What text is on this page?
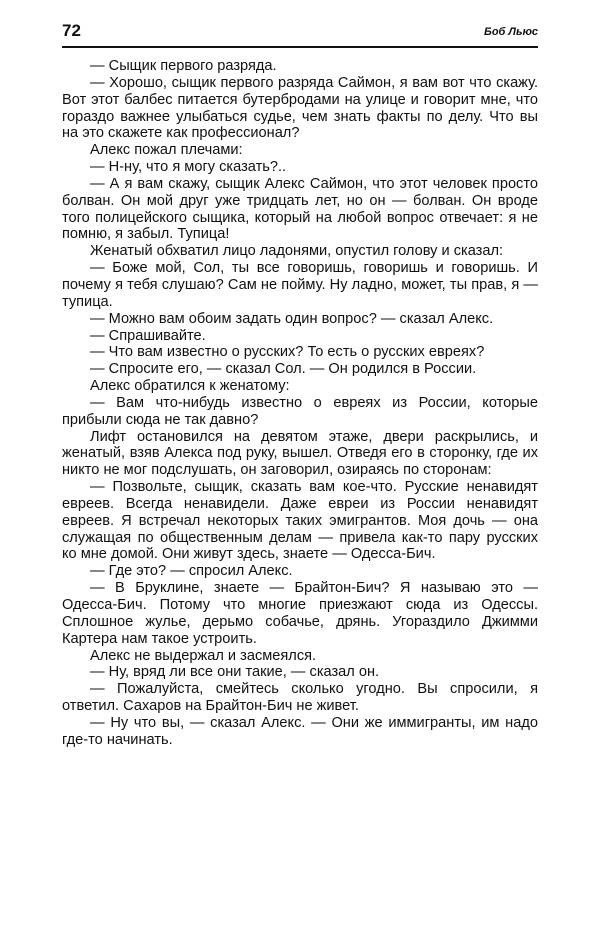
72	Боб Льюс

— Сыщик первого разряда.

— Хорошо, сыщик первого разряда Саймон, я вам вот что скажу. Вот этот балбес питается бутербродами на улице и говорит мне, что гораздо важнее улыбаться судье, чем знать факты по делу. Что вы на это скажете как профессионал?

Алекс пожал плечами:

— Н-ну, что я могу сказать?..

— А я вам скажу, сыщик Алекс Саймон, что этот человек просто болван. Он мой друг уже тридцать лет, но он — болван. Он вроде того полицейского сыщика, который на любой вопрос отвечает: я не помню, я забыл. Тупица!

Женатый обхватил лицо ладонями, опустил голову и сказал:

— Боже мой, Сол, ты все говоришь, говоришь и говоришь. И почему я тебя слушаю? Сам не пойму. Ну ладно, может, ты прав, я — тупица.

— Можно вам обоим задать один вопрос? — сказал Алекс.

— Спрашивайте.

— Что вам известно о русских? То есть о русских евреях?

— Спросите его, — сказал Сол. — Он родился в России.

Алекс обратился к женатому:

— Вам что-нибудь известно о евреях из России, которые прибыли сюда не так давно?

Лифт остановился на девятом этаже, двери раскрылись, и женатый, взяв Алекса под руку, вышел. Отведя его в сторонку, где их никто не мог подслушать, он заговорил, озираясь по сторонам:

— Позвольте, сыщик, сказать вам кое-что. Русские ненавидят евреев. Всегда ненавидели. Даже евреи из России ненавидят евреев. Я встречал некоторых таких эмигрантов. Моя дочь — она служащая по общественным делам — привела как-то пару русских ко мне домой. Они живут здесь, знаете — Одесса-Бич.

— Где это? — спросил Алекс.

— В Бруклине, знаете — Брайтон-Бич? Я называю это — Одесса-Бич. Потому что многие приезжают сюда из Одессы. Сплошное жулье, дерьмо собачье, дрянь. Угораздило Джимми Картера нам такое устроить.

Алекс не выдержал и засмеялся.

— Ну, вряд ли все они такие, — сказал он.

— Пожалуйста, смейтесь сколько угодно. Вы спросили, я ответил. Сахаров на Брайтон-Бич не живет.

— Ну что вы, — сказал Алекс. — Они же иммигранты, им надо где-то начинать.
